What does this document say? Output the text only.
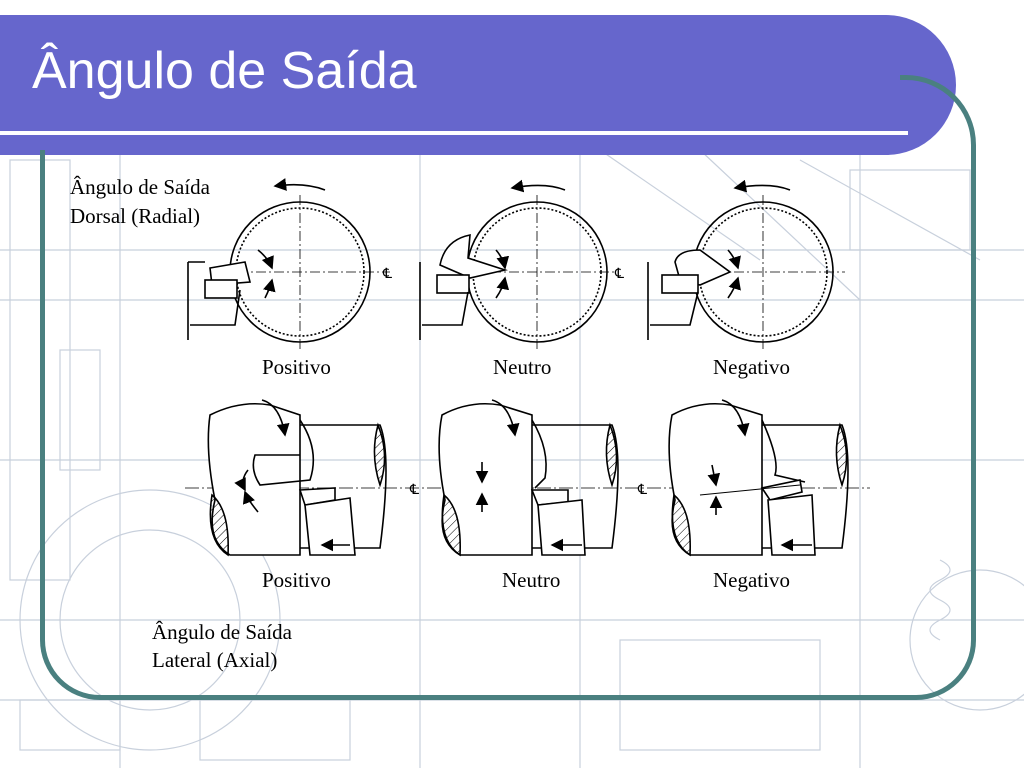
Ângulo de Saída
℄	℄
℄	℄
Ângulo de Saída
Dorsal (Radial)
Positivo	Neutro	Negativo
Positivo	Neutro	Negativo
Ângulo de Saída
Lateral (Axial)
